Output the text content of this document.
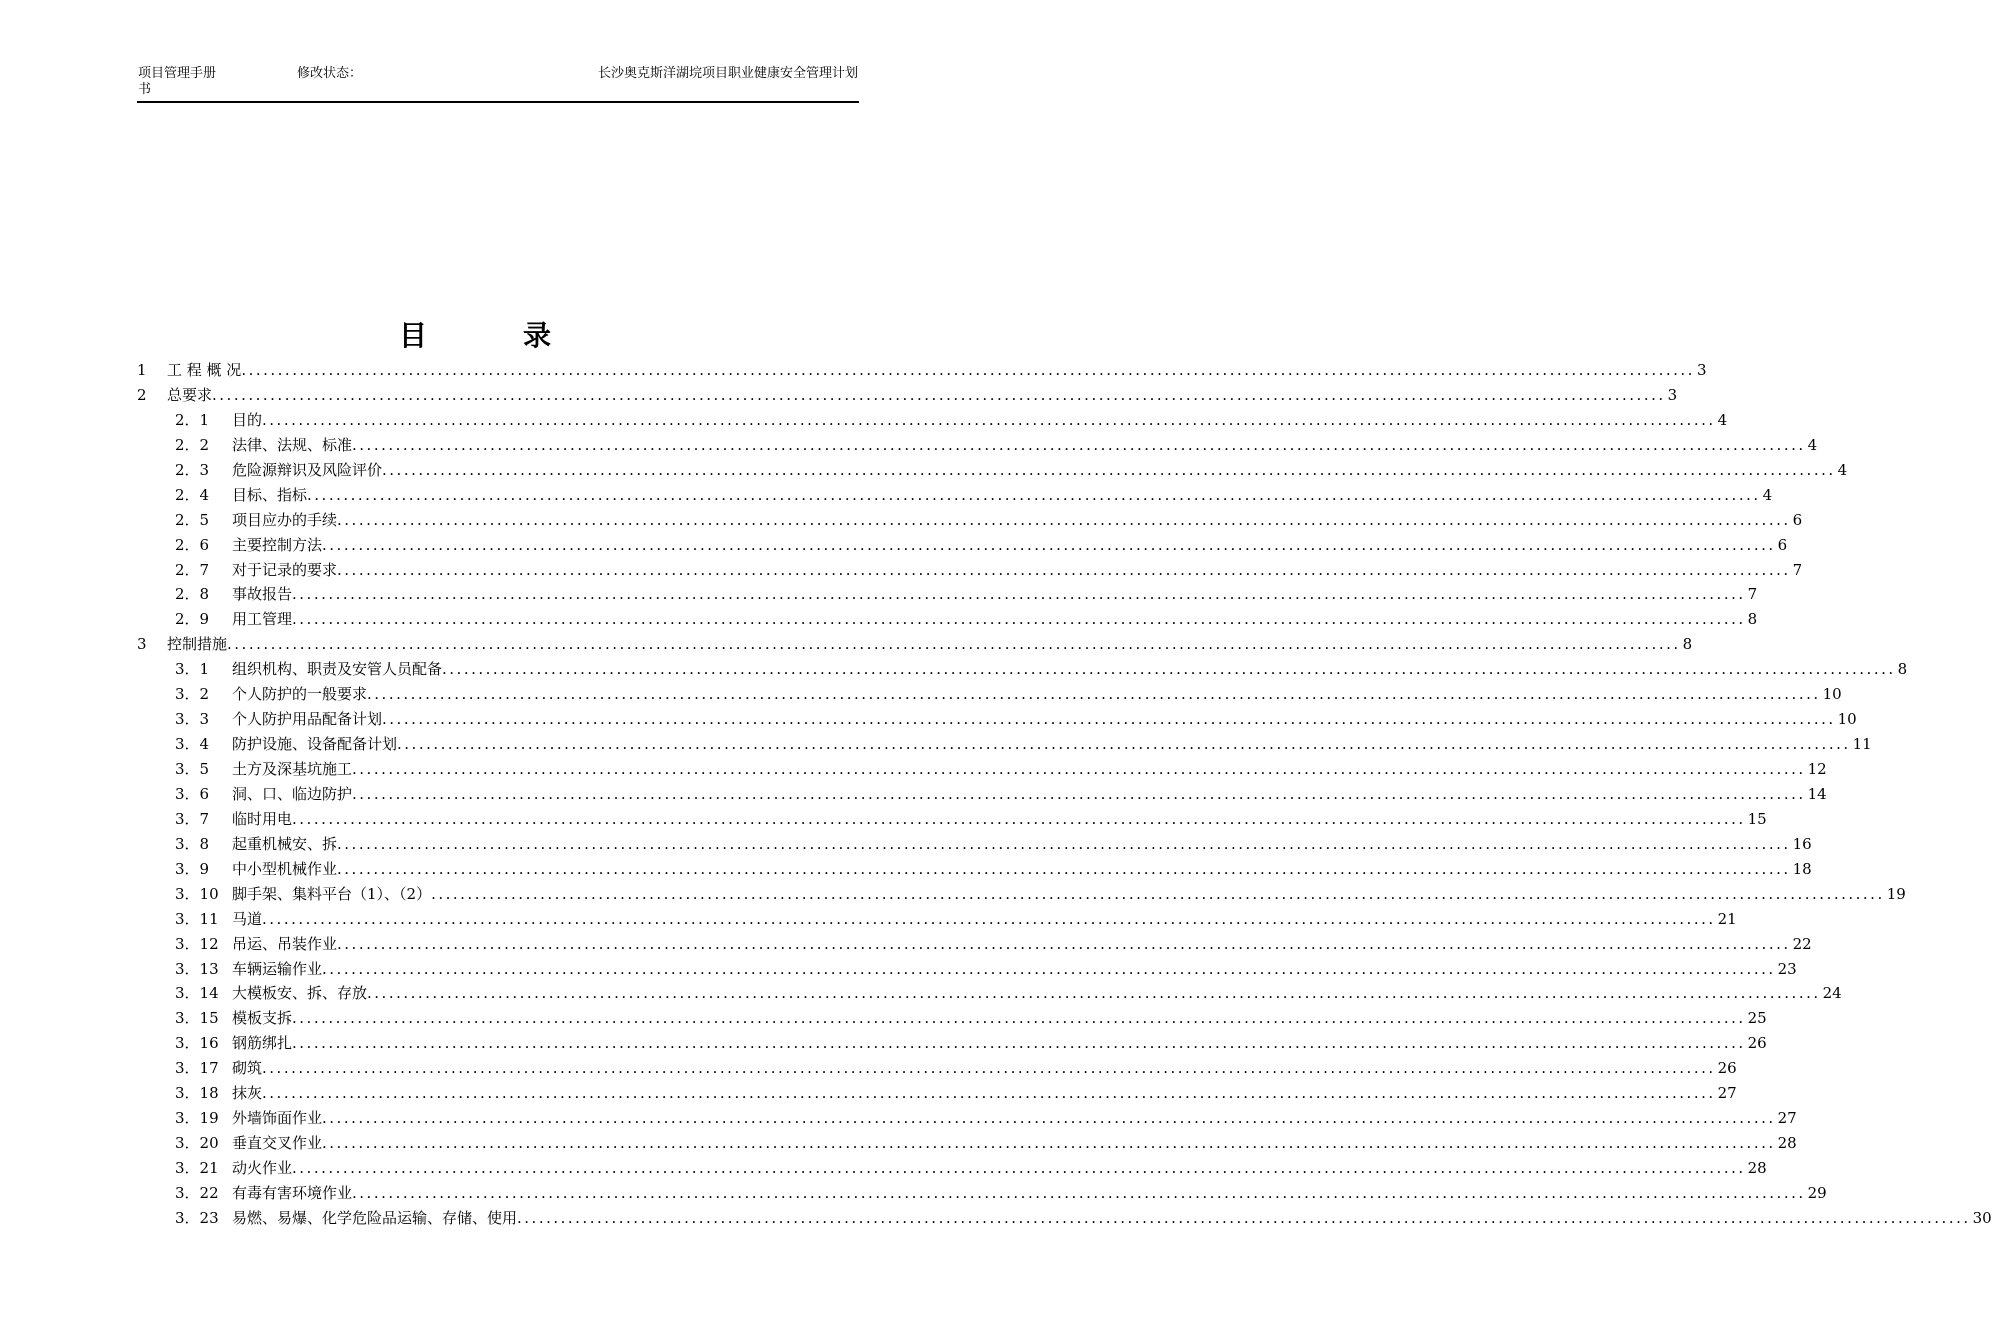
项目管理手册书
修改状态：	长沙奥克斯洋湖垸项目职业健康安全管理计划
目	录
1 工 程 概 况 ........................................................................................................................................................................................................ 3
2 总要求 ........................................................................................................................................................................................................ 3
2．1 目的 ........................................................................................................................................................................................................ 4
2．2 法律、法规、标准 ........................................................................................................................................................................................................ 4
2．3 危险源辩识及风险评价 ........................................................................................................................................................................................................ 4
2．4 目标、指标 ........................................................................................................................................................................................................ 4
2．5 项目应办的手续 ........................................................................................................................................................................................................ 6
2．6 主要控制方法 ........................................................................................................................................................................................................ 6
2．7 对于记录的要求 ........................................................................................................................................................................................................ 7
2．8 事故报告 ........................................................................................................................................................................................................ 7
2．9 用工管理 ........................................................................................................................................................................................................ 8
3 控制措施 ........................................................................................................................................................................................................ 8
3．1 组织机构、职责及安管人员配备 ........................................................................................................................................................................................................ 8
3．2 个人防护的一般要求 ........................................................................................................................................................................................................ 10
3．3 个人防护用品配备计划 ........................................................................................................................................................................................................ 10
3．4 防护设施、设备配备计划 ........................................................................................................................................................................................................ 11
3．5 土方及深基坑施工 ........................................................................................................................................................................................................ 12
3．6 洞、口、临边防护 ........................................................................................................................................................................................................ 14
3．7 临时用电 ........................................................................................................................................................................................................ 15
3．8 起重机械安、拆 ........................................................................................................................................................................................................ 16
3．9 中小型机械作业 ........................................................................................................................................................................................................ 18
3．10 脚手架、集料平台（1）、（2） ........................................................................................................................................................................................................ 19
3．11 马道 ........................................................................................................................................................................................................ 21
3．12 吊运、吊装作业 ........................................................................................................................................................................................................ 22
3．13 车辆运输作业 ........................................................................................................................................................................................................ 23
3．14 大模板安、拆、存放 ........................................................................................................................................................................................................ 24
3．15 模板支拆 ........................................................................................................................................................................................................ 25
3．16 钢筋绑扎 ........................................................................................................................................................................................................ 26
3．17 砌筑 ........................................................................................................................................................................................................ 26
3．18 抹灰 ........................................................................................................................................................................................................ 27
3．19 外墙饰面作业 ........................................................................................................................................................................................................ 27
3．20 垂直交叉作业 ........................................................................................................................................................................................................ 28
3．21 动火作业 ........................................................................................................................................................................................................ 28
3．22 有毒有害环境作业 ........................................................................................................................................................................................................ 29
3．23 易燃、易爆、化学危险品运输、存储、使用 ........................................................................................................................................................................................................ 30
